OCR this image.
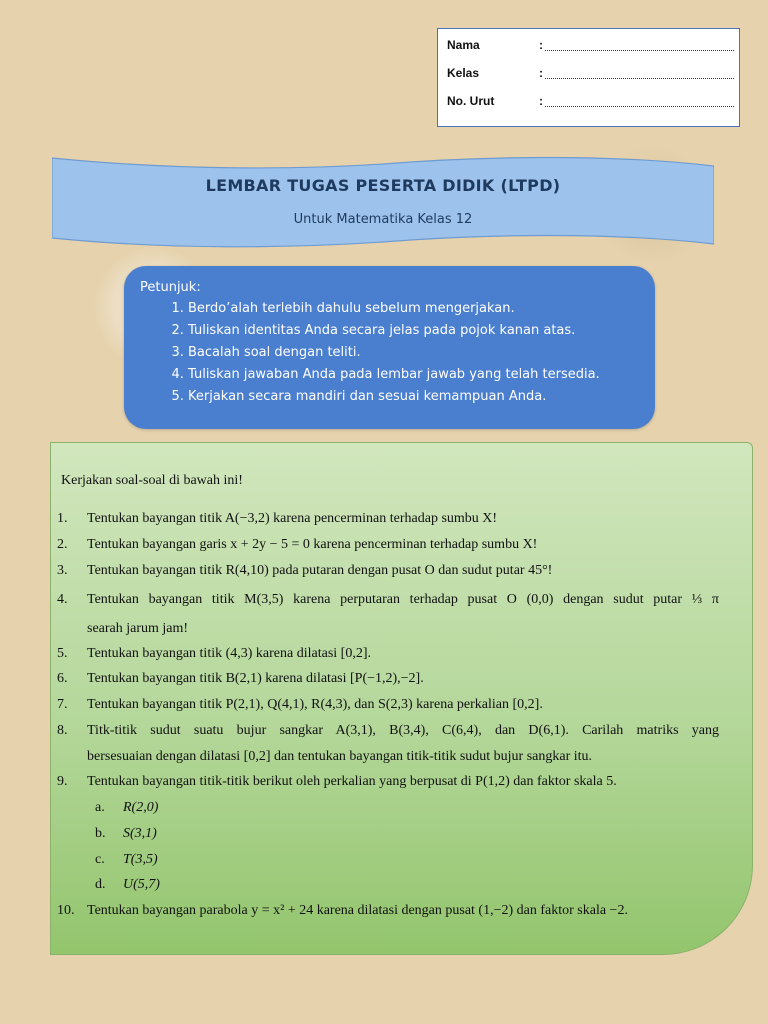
Nama	:
Kelas	:
No. Urut	:
LEMBAR TUGAS PESERTA DIDIK (LTPD)
Untuk Matematika Kelas 12
Petunjuk:
1. Berdo’alah terlebih dahulu sebelum mengerjakan.
2. Tuliskan identitas Anda secara jelas pada pojok kanan atas.
3. Bacalah soal dengan teliti.
4. Tuliskan jawaban Anda pada lembar jawab yang telah tersedia.
5. Kerjakan secara mandiri dan sesuai kemampuan Anda.
Kerjakan soal-soal di bawah ini!
1. Tentukan bayangan titik A(−3,2) karena pencerminan terhadap sumbu X!
2. Tentukan bayangan garis x + 2y − 5 = 0 karena pencerminan terhadap sumbu X!
3. Tentukan bayangan titik R(4,10) pada putaran dengan pusat O dan sudut putar 45°!
4. Tentukan bayangan titik M(3,5) karena perputaran terhadap pusat O (0,0) dengan sudut putar ⅓ π
searah jarum jam!
5. Tentukan bayangan titik (4,3) karena dilatasi [0,2].
6. Tentukan bayangan titik B(2,1) karena dilatasi [P(−1,2),−2].
7. Tentukan bayangan titik P(2,1), Q(4,1), R(4,3), dan S(2,3) karena perkalian [0,2].
8. Titk-titik sudut suatu bujur sangkar A(3,1), B(3,4), C(6,4), dan D(6,1). Carilah matriks yang
bersesuaian dengan dilatasi [0,2] dan tentukan bayangan titik-titik sudut bujur sangkar itu.
9. Tentukan bayangan titik-titik berikut oleh perkalian yang berpusat di P(1,2) dan faktor skala 5.
a. R(2,0)
b. S(3,1)
c. T(3,5)
d. U(5,7)
10. Tentukan bayangan parabola y = x² + 24 karena dilatasi dengan pusat (1,−2) dan faktor skala −2.
